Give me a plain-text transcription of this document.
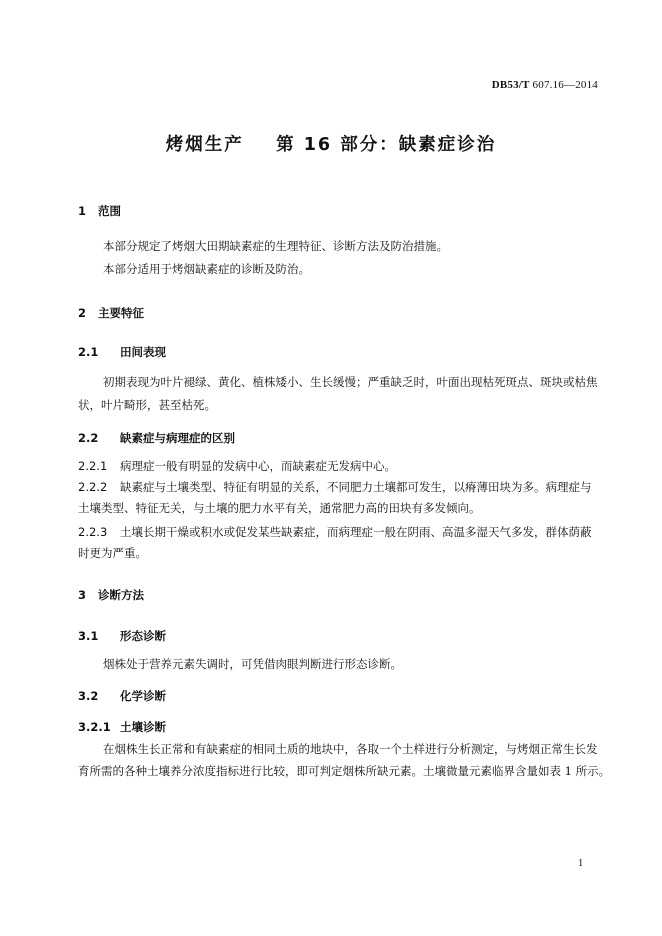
DB53/T 607.16—2014
烤烟生产    第 16 部分：缺素症诊治
1 范围
本部分规定了烤烟大田期缺素症的生理特征、诊断方法及防治措施。
本部分适用于烤烟缺素症的诊断及防治。
2 主要特征
2.1 田间表现
初期表现为叶片褪绿、黄化、植株矮小、生长缓慢；严重缺乏时，叶面出现枯死斑点、斑块或枯焦
状，叶片畸形，甚至枯死。
2.2 缺素症与病理症的区别
2.2.1 病理症一般有明显的发病中心，而缺素症无发病中心。
2.2.2 缺素症与土壤类型、特征有明显的关系，不同肥力土壤都可发生，以瘠薄田块为多。病理症与
土壤类型、特征无关，与土壤的肥力水平有关，通常肥力高的田块有多发倾向。
2.2.3 土壤长期干燥或积水或促发某些缺素症，而病理症一般在阴雨、高温多湿天气多发，群体荫蔽
时更为严重。
3 诊断方法
3.1 形态诊断
烟株处于营养元素失调时，可凭借肉眼判断进行形态诊断。
3.2 化学诊断
3.2.1 土壤诊断
在烟株生长正常和有缺素症的相同土质的地块中，各取一个土样进行分析测定，与烤烟正常生长发
育所需的各种土壤养分浓度指标进行比较，即可判定烟株所缺元素。土壤微量元素临界含量如表 1 所示。
1
